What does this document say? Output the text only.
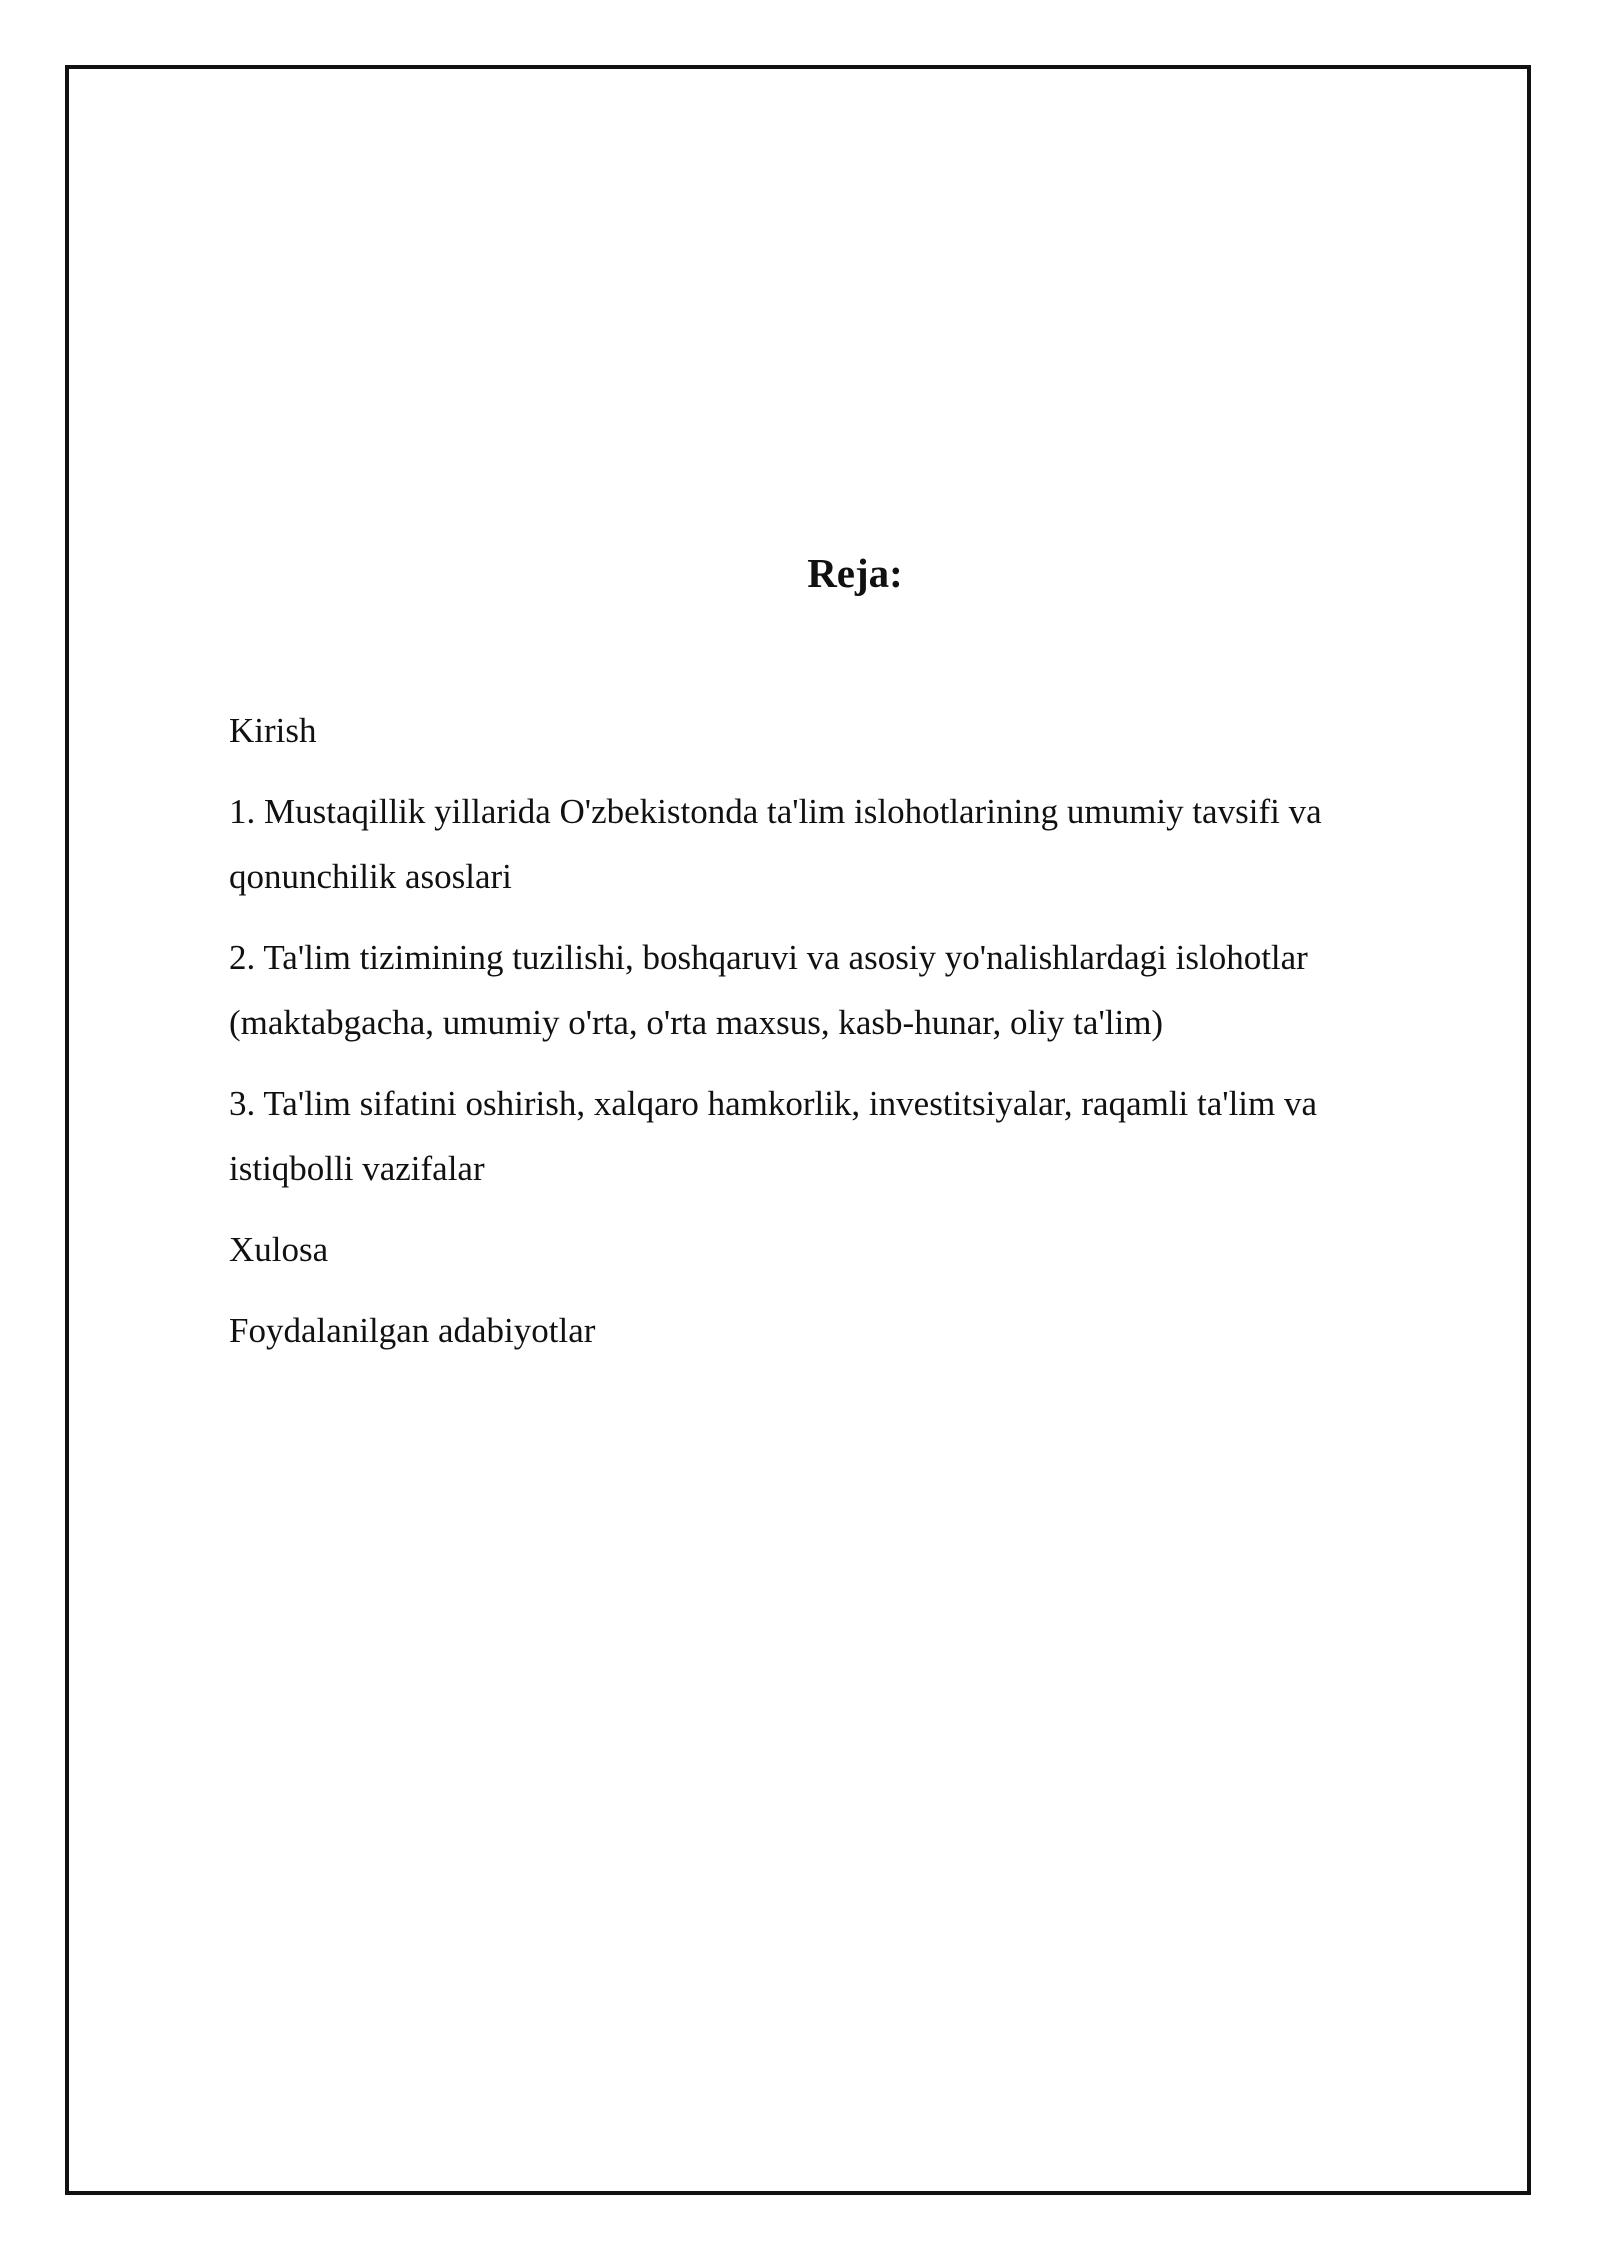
Reja:

Kirish

1. Mustaqillik yillarida O'zbekistonda ta'lim islohotlarining umumiy tavsifi va qonunchilik asoslari

2. Ta'lim tizimining tuzilishi, boshqaruvi va asosiy yo'nalishlardagi islohotlar (maktabgacha, umumiy o'rta, o'rta maxsus, kasb-hunar, oliy ta'lim)

3. Ta'lim sifatini oshirish, xalqaro hamkorlik, investitsiyalar, raqamli ta'lim va istiqbolli vazifalar

Xulosa

Foydalanilgan adabiyotlar
